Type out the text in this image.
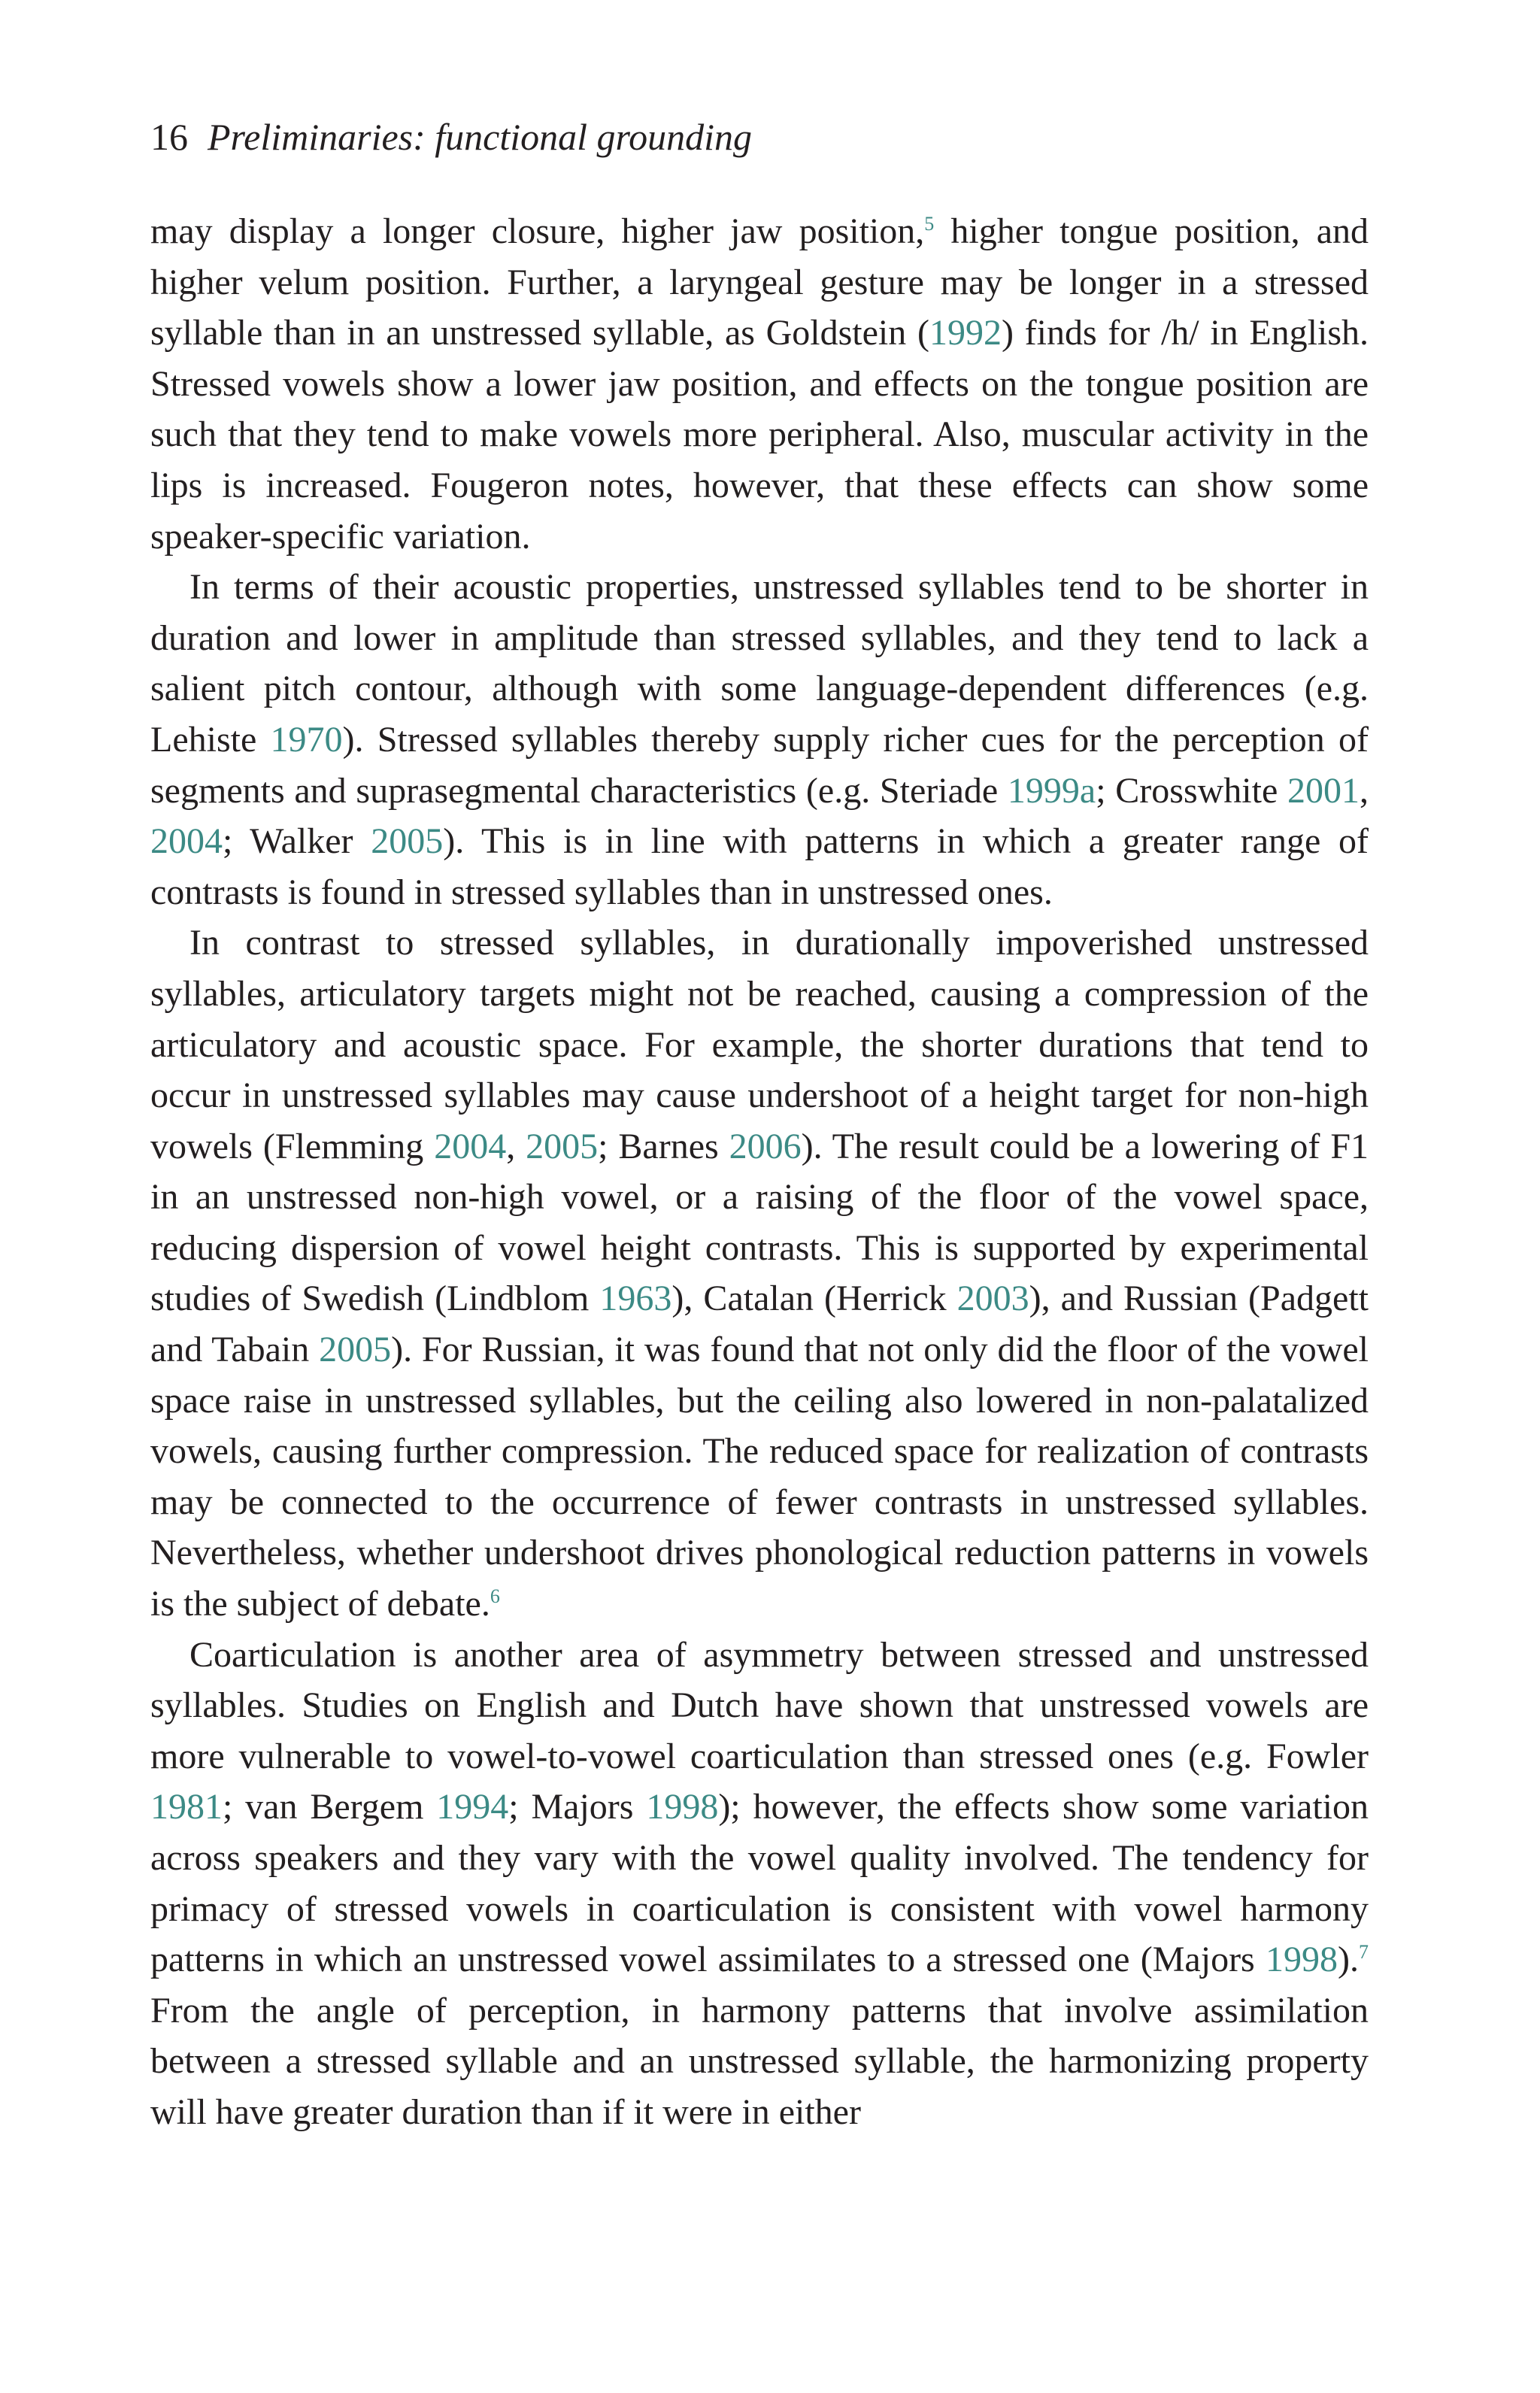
16 Preliminaries: functional grounding

may display a longer closure, higher jaw position,$^5$ higher tongue position, and higher velum position. Further, a laryngeal gesture may be longer in a stressed syllable than in an unstressed syllable, as Goldstein (1992) finds for /h/ in English. Stressed vowels show a lower jaw position, and effects on the tongue position are such that they tend to make vowels more peripheral. Also, muscular activity in the lips is increased. Fougeron notes, however, that these effects can show some speaker-specific variation.

In terms of their acoustic properties, unstressed syllables tend to be shorter in duration and lower in amplitude than stressed syllables, and they tend to lack a salient pitch contour, although with some language-dependent differences (e.g. Lehiste 1970). Stressed syllables thereby supply richer cues for the perception of segments and suprasegmental characteristics (e.g. Steriade 1999a; Crosswhite 2001, 2004; Walker 2005). This is in line with patterns in which a greater range of contrasts is found in stressed syllables than in unstressed ones.

In contrast to stressed syllables, in durationally impoverished unstressed syllables, articulatory targets might not be reached, causing a compression of the articulatory and acoustic space. For example, the shorter durations that tend to occur in unstressed syllables may cause undershoot of a height target for non-high vowels (Flemming 2004, 2005; Barnes 2006). The result could be a lowering of F1 in an unstressed non-high vowel, or a raising of the floor of the vowel space, reducing dispersion of vowel height contrasts. This is supported by experimental studies of Swedish (Lindblom 1963), Catalan (Herrick 2003), and Russian (Padgett and Tabain 2005). For Russian, it was found that not only did the floor of the vowel space raise in unstressed syllables, but the ceiling also lowered in non-palatalized vowels, causing further compression. The reduced space for realization of contrasts may be connected to the occurrence of fewer contrasts in unstressed syllables. Nevertheless, whether undershoot drives phonological reduction patterns in vowels is the subject of debate.$^6$

Coarticulation is another area of asymmetry between stressed and unstressed syllables. Studies on English and Dutch have shown that unstressed vowels are more vulnerable to vowel-to-vowel coarticulation than stressed ones (e.g. Fowler 1981; van Bergem 1994; Majors 1998); however, the effects show some variation across speakers and they vary with the vowel quality involved. The tendency for primacy of stressed vowels in coarticulation is consistent with vowel harmony patterns in which an unstressed vowel assimilates to a stressed one (Majors 1998).$^7$ From the angle of perception, in harmony patterns that involve assimilation between a stressed syllable and an unstressed syllable, the harmonizing property will have greater duration than if it were in either
